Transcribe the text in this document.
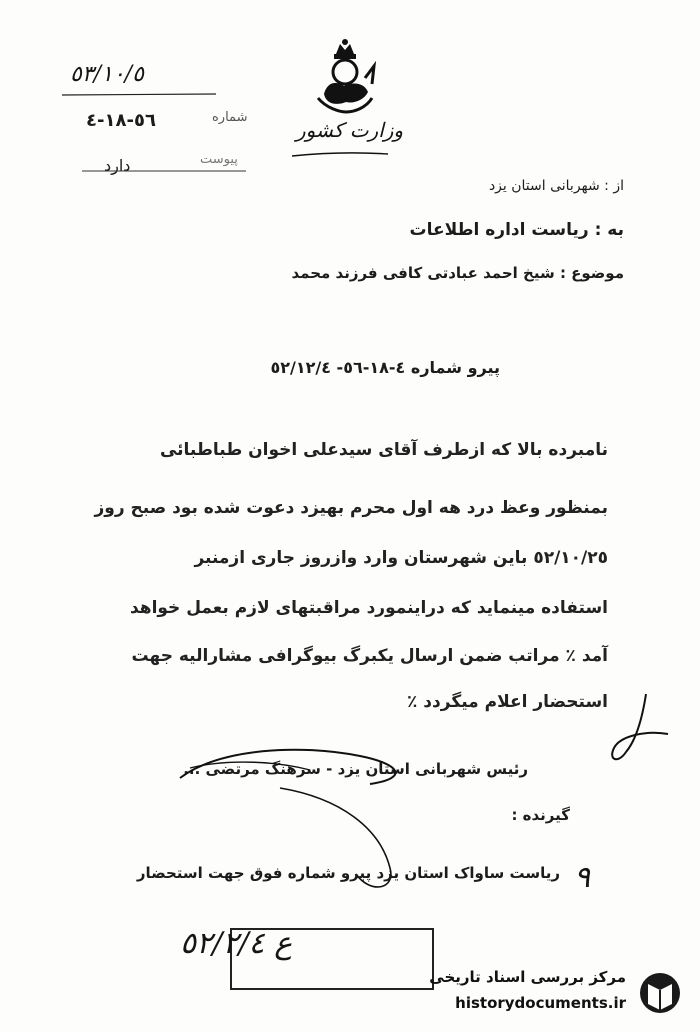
وزارت کشور
٥٣/١٠/٥
٥٦-١٨-٤	شماره
دارد	پیوست
از : شهربانی استان یزد
به : ریاست اداره اطلاعات
موضوع : شیخ احمد عبادتی کافی فرزند محمد
پیرو شماره ٤-١٨-٥٦- ٥٢/١٢/٤
نامبرده بالا که ازطرف آقای سیدعلی اخوان طباطبائی
بمنظور وعظ درد هه اول محرم بهیزد دعوت شده بود صبح روز
٥٢/١٠/٢٥ باین شهرستان وارد وازروز جاری ازمنبر
استفاده مینماید که دراینمورد مراقبتهای لازم بعمل خواهد
آمد ٪ مراتب ضمن ارسال یکبرگ بیوگرافی مشارالیه جهت
استحضار اعلام میگردد ٪
رئیس شهربانی استان یزد - سرهنگ مرتضی ...
گیرنده :
ریاست ساواک استان یزد پیرو شماره فوق جهت استحضار ٩
ع ٥٢/٢/٤
مرکز بررسی اسناد تاریخی
historydocuments.ir
